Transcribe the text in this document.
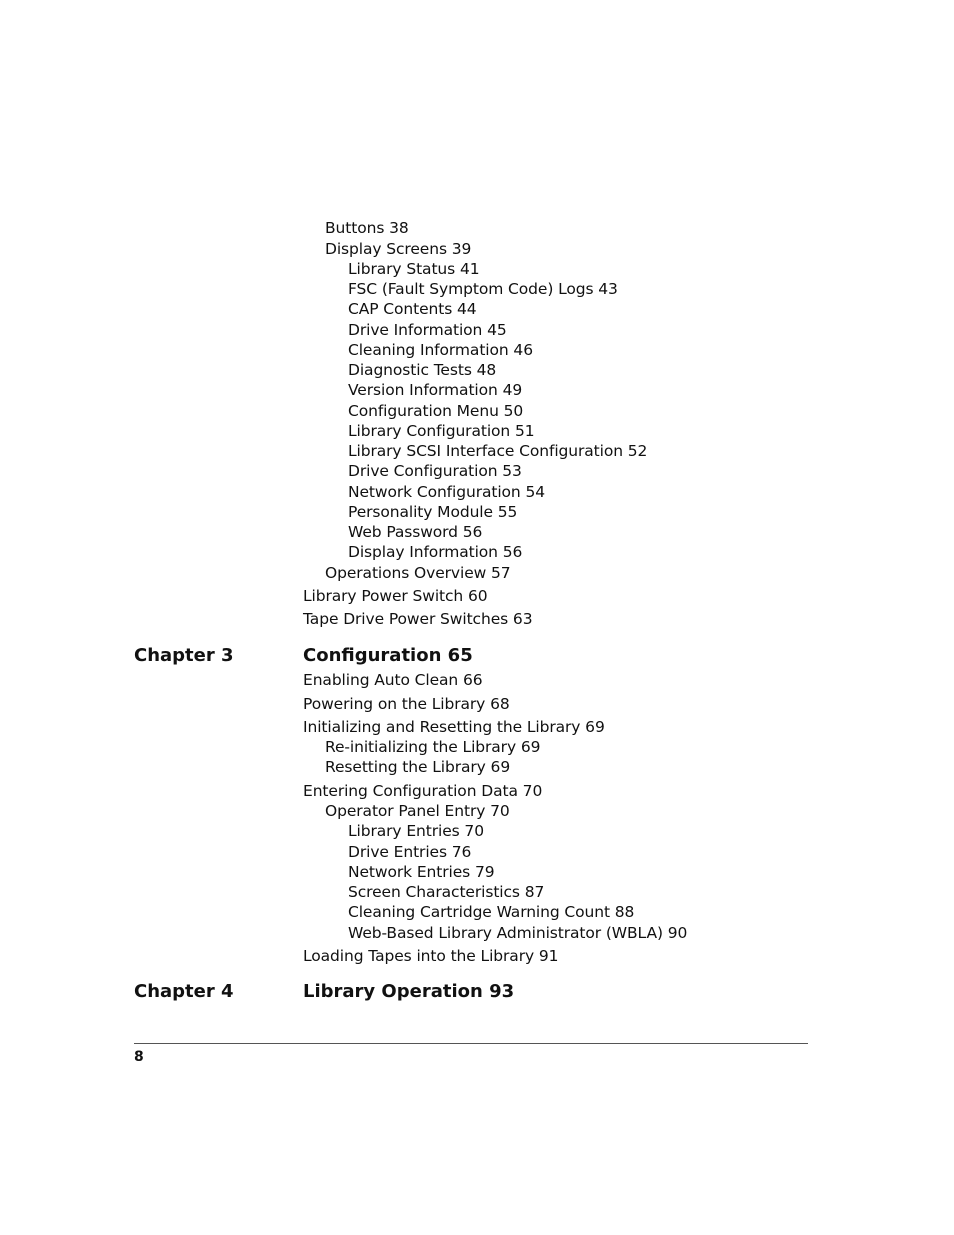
Buttons 38
Display Screens 39
Library Status 41
FSC (Fault Symptom Code) Logs 43
CAP Contents 44
Drive Information 45
Cleaning Information 46
Diagnostic Tests 48
Version Information 49
Configuration Menu 50
Library Configuration 51
Library SCSI Interface Configuration 52
Drive Configuration 53
Network Configuration 54
Personality Module 55
Web Password 56
Display Information 56
Operations Overview 57
Library Power Switch 60
Tape Drive Power Switches 63
Chapter 3	Configuration 65
Enabling Auto Clean 66
Powering on the Library 68
Initializing and Resetting the Library 69
Re-initializing the Library 69
Resetting the Library 69
Entering Configuration Data 70
Operator Panel Entry 70
Library Entries 70
Drive Entries 76
Network Entries 79
Screen Characteristics 87
Cleaning Cartridge Warning Count 88
Web-Based Library Administrator (WBLA) 90
Loading Tapes into the Library 91
Chapter 4	Library Operation 93
8
